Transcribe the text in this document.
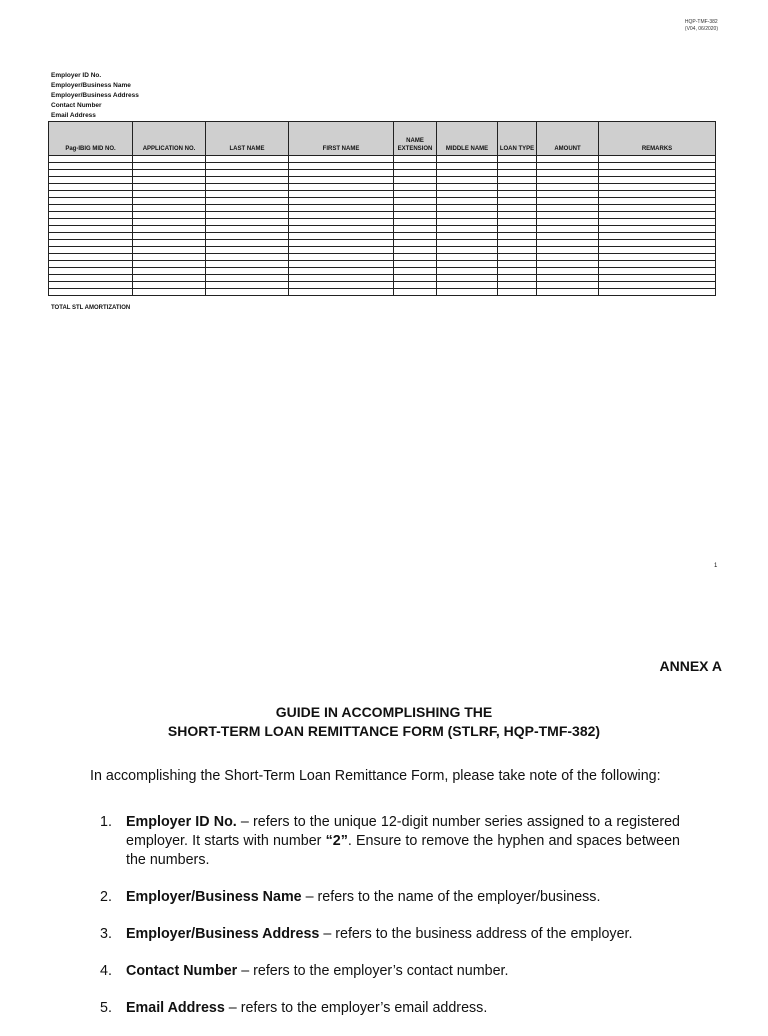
HQP-TMF-382
(V04, 06/2020)
Employer ID No.
Employer/Business Name
Employer/Business Address
Contact Number
Email Address
Pag-IBIG MID NO.	APPLICATION NO.	LAST NAME	FIRST NAME	NAME EXTENSION	MIDDLE NAME	LOAN TYPE	AMOUNT	REMARKS

TOTAL STL AMORTIZATION
1
ANNEX A
GUIDE IN ACCOMPLISHING THE
SHORT-TERM LOAN REMITTANCE FORM (STLRF, HQP-TMF-382)
In accomplishing the Short-Term Loan Remittance Form, please take note of the following:
1. Employer ID No. – refers to the unique 12-digit number series assigned to a registered employer. It starts with number “2”. Ensure to remove the hyphen and spaces between the numbers.
2. Employer/Business Name – refers to the name of the employer/business.
3. Employer/Business Address – refers to the business address of the employer.
4. Contact Number – refers to the employer’s contact number.
5. Email Address – refers to the employer’s email address.
